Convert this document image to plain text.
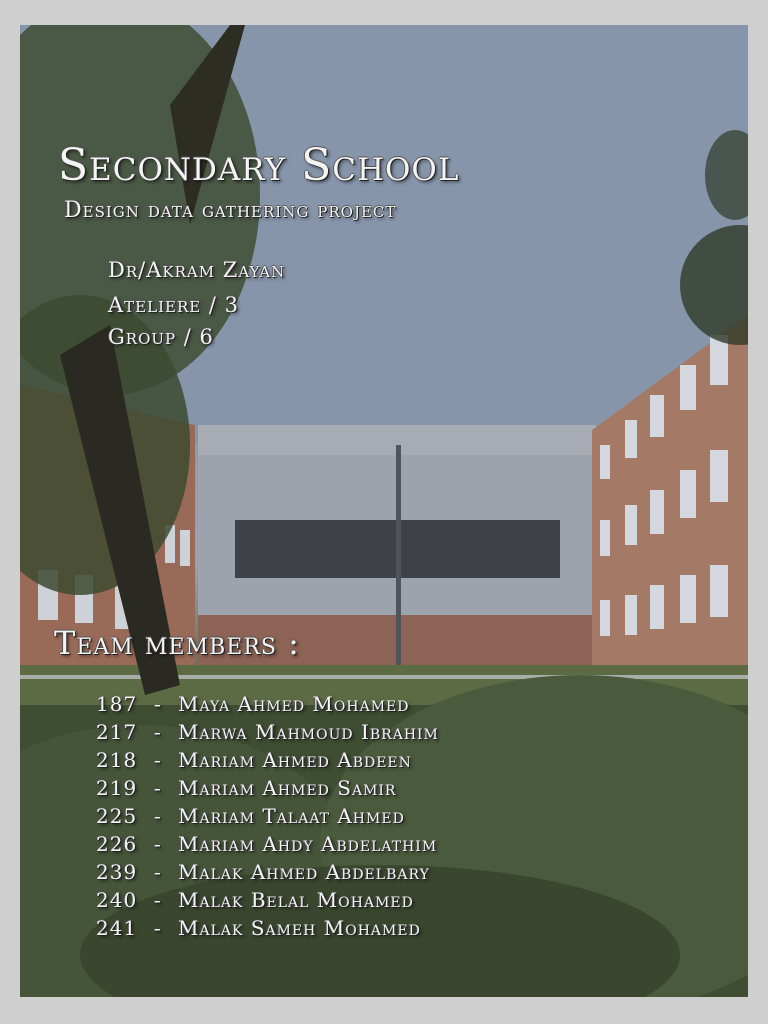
Secondary School
Design data gathering project
Dr/Akram Zayan
Ateliere / 3
Group / 6
Team members :
187 - Maya Ahmed Mohamed
217 - Marwa Mahmoud Ibrahim
218 - Mariam Ahmed Abdeen
219 - Mariam Ahmed Samir
225 - Mariam Talaat Ahmed
226 - Mariam Ahdy Abdelathim
239 - Malak Ahmed Abdelbary
240 - Malak Belal Mohamed
241 - Malak Sameh Mohamed
